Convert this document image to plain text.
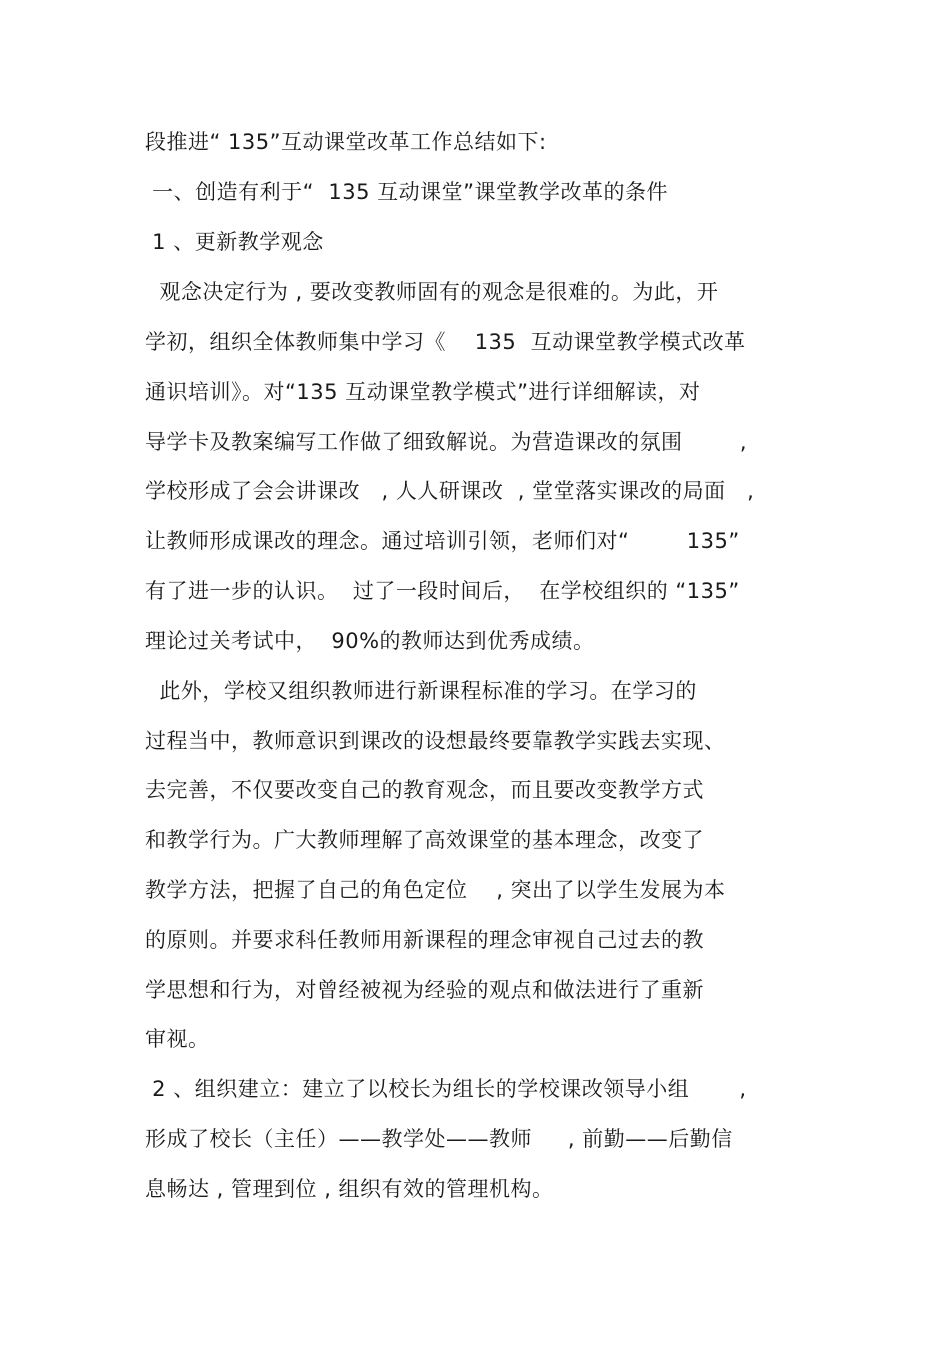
段推进“ 135”互动课堂改革工作总结如下:
一、创造有利于“  135 互动课堂”课堂教学改革的条件
1 、更新教学观念
观念决定行为 , 要改变教师固有的观念是很难的。为此，开
学初，组织全体教师集中学习《    135  互动课堂教学模式改革
通识培训》。对“135 互动课堂教学模式”进行详细解读，对
导学卡及教案编写工作做了细致解说。为营造课改的氛围        ,
学校形成了会会讲课改   , 人人研课改  , 堂堂落实课改的局面   ,
让教师形成课改的理念。通过培训引领，老师们对“        135”
有了进一步的认识。  过了一段时间后，  在学校组织的 “135”
理论过关考试中，  90%的教师达到优秀成绩。
此外，学校又组织教师进行新课程标准的学习。在学习的
过程当中，教师意识到课改的设想最终要靠教学实践去实现、
去完善，不仅要改变自己的教育观念，而且要改变教学方式
和教学行为。广大教师理解了高效课堂的基本理念，改变了
教学方法，把握了自己的角色定位    , 突出了以学生发展为本
的原则。并要求科任教师用新课程的理念审视自己过去的教
学思想和行为，对曾经被视为经验的观点和做法进行了重新
审视。
2 、组织建立：建立了以校长为组长的学校课改领导小组       ,
形成了校长（主任）——教学处——教师     , 前勤——后勤信
息畅达 , 管理到位 , 组织有效的管理机构。
